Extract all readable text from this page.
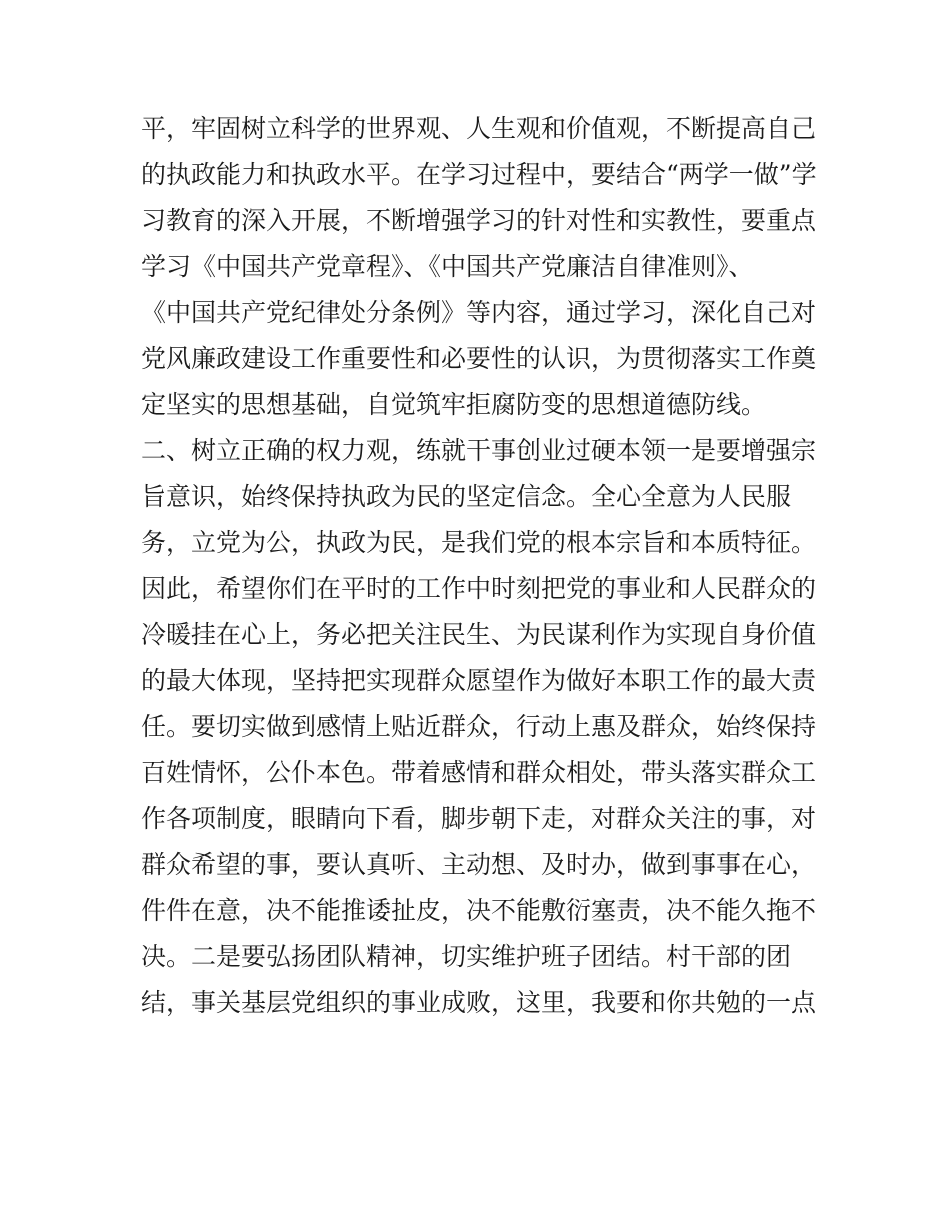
平，牢固树立科学的世界观、人生观和价值观，不断提高自己
的执政能力和执政水平。在学习过程中，要结合“两学一做”学
习教育的深入开展，不断增强学习的针对性和实教性，要重点
学习《中国共产党章程》、《中国共产党廉洁自律准则》、
《中国共产党纪律处分条例》等内容，通过学习，深化自己对
党风廉政建设工作重要性和必要性的认识，为贯彻落实工作奠
定坚实的思想基础，自觉筑牢拒腐防变的思想道德防线。
二、树立正确的权力观，练就干事创业过硬本领一是要增强宗
旨意识，始终保持执政为民的坚定信念。全心全意为人民服
务，立党为公，执政为民，是我们党的根本宗旨和本质特征。
因此，希望你们在平时的工作中时刻把党的事业和人民群众的
冷暖挂在心上，务必把关注民生、为民谋利作为实现自身价值
的最大体现，坚持把实现群众愿望作为做好本职工作的最大责
任。要切实做到感情上贴近群众，行动上惠及群众，始终保持
百姓情怀，公仆本色。带着感情和群众相处，带头落实群众工
作各项制度，眼睛向下看，脚步朝下走，对群众关注的事，对
群众希望的事，要认真听、主动想、及时办，做到事事在心，
件件在意，决不能推诿扯皮，决不能敷衍塞责，决不能久拖不
决。二是要弘扬团队精神，切实维护班子团结。村干部的团
结，事关基层党组织的事业成败，这里，我要和你共勉的一点
